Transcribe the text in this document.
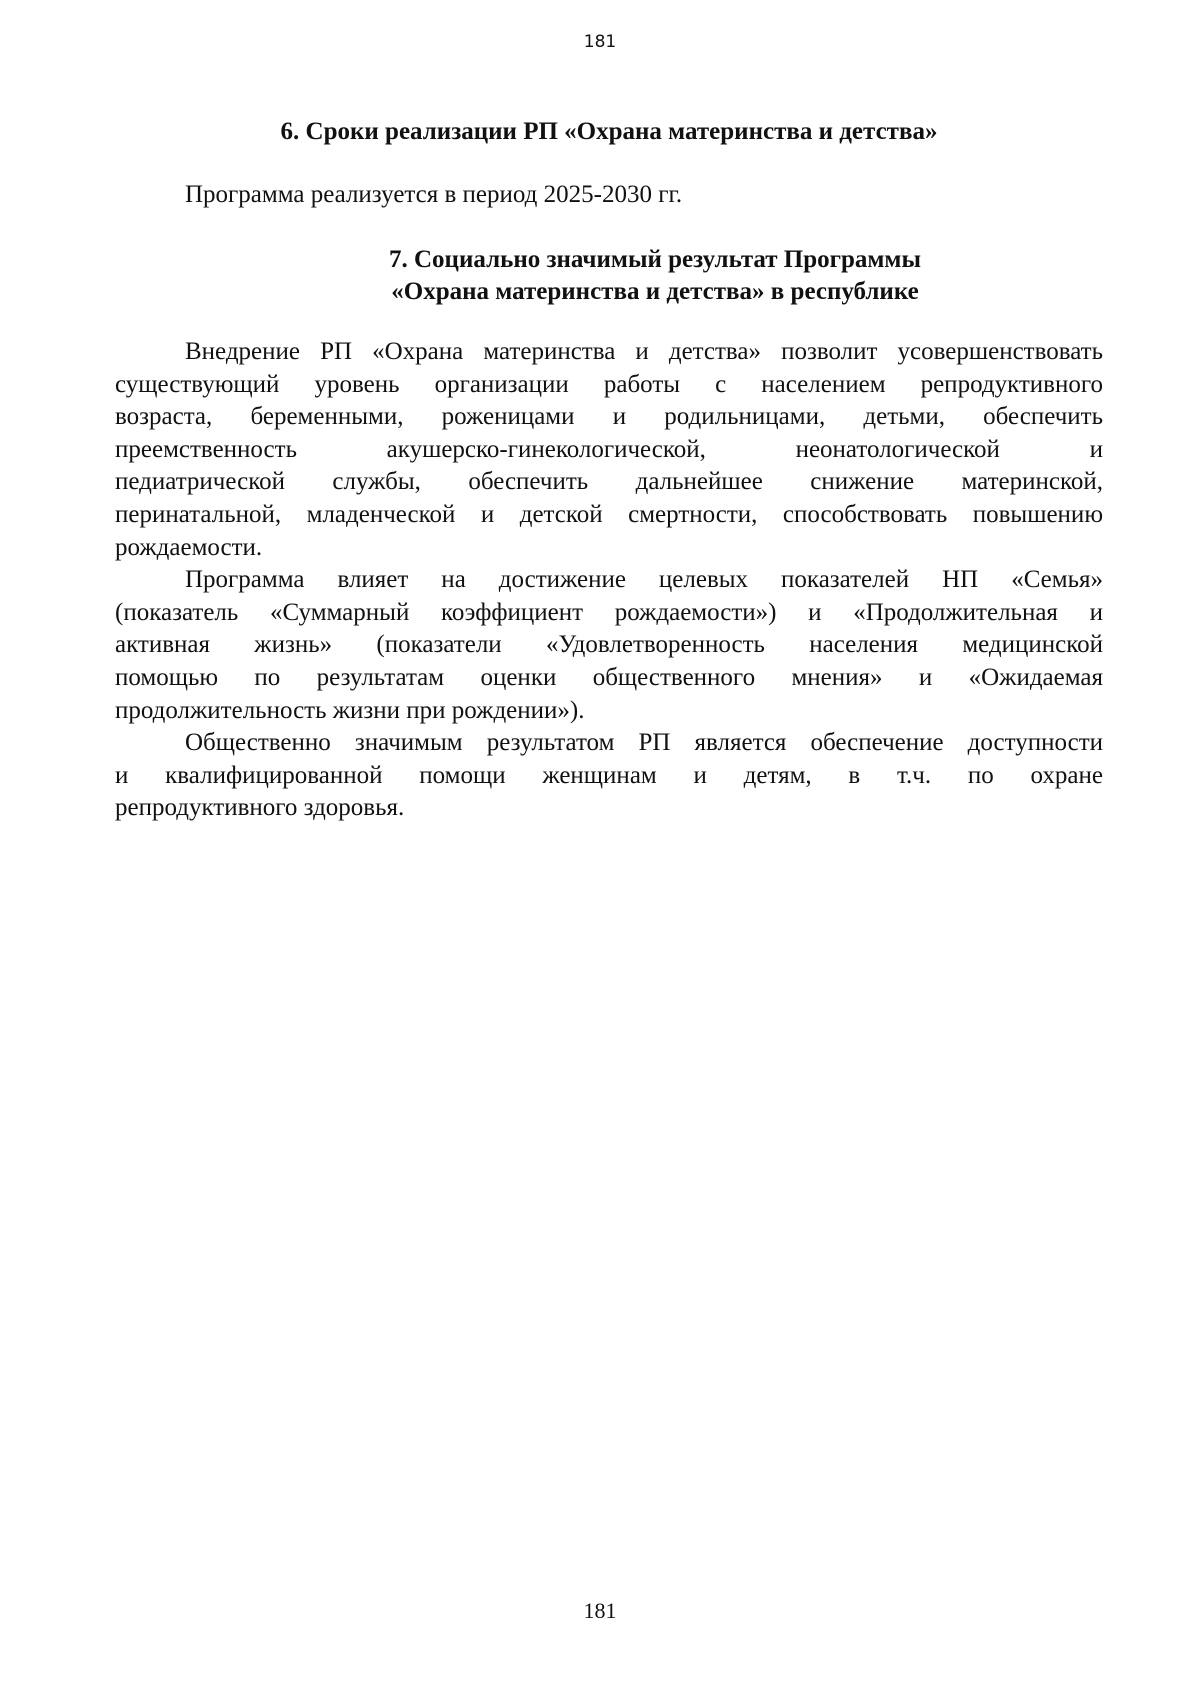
181
6. Сроки реализации РП «Охрана материнства и детства»
Программа реализуется в период 2025-2030 гг.
7. Социально значимый результат Программы
«Охрана материнства и детства» в республике
Внедрение РП «Охрана материнства и детства» позволит усовершенствовать
существующий уровень организации работы с населением репродуктивного
возраста, беременными, роженицами и родильницами, детьми, обеспечить
преемственность акушерско-гинекологической, неонатологической и
педиатрической службы, обеспечить дальнейшее снижение материнской,
перинатальной, младенческой и детской смертности, способствовать повышению
рождаемости.
Программа влияет на достижение целевых показателей НП «Семья»
(показатель «Суммарный коэффициент рождаемости») и «Продолжительная и
активная жизнь» (показатели «Удовлетворенность населения медицинской
помощью по результатам оценки общественного мнения» и «Ожидаемая
продолжительность жизни при рождении»).
Общественно значимым результатом РП является обеспечение доступности
и квалифицированной помощи женщинам и детям, в т.ч. по охране
репродуктивного здоровья.
181
